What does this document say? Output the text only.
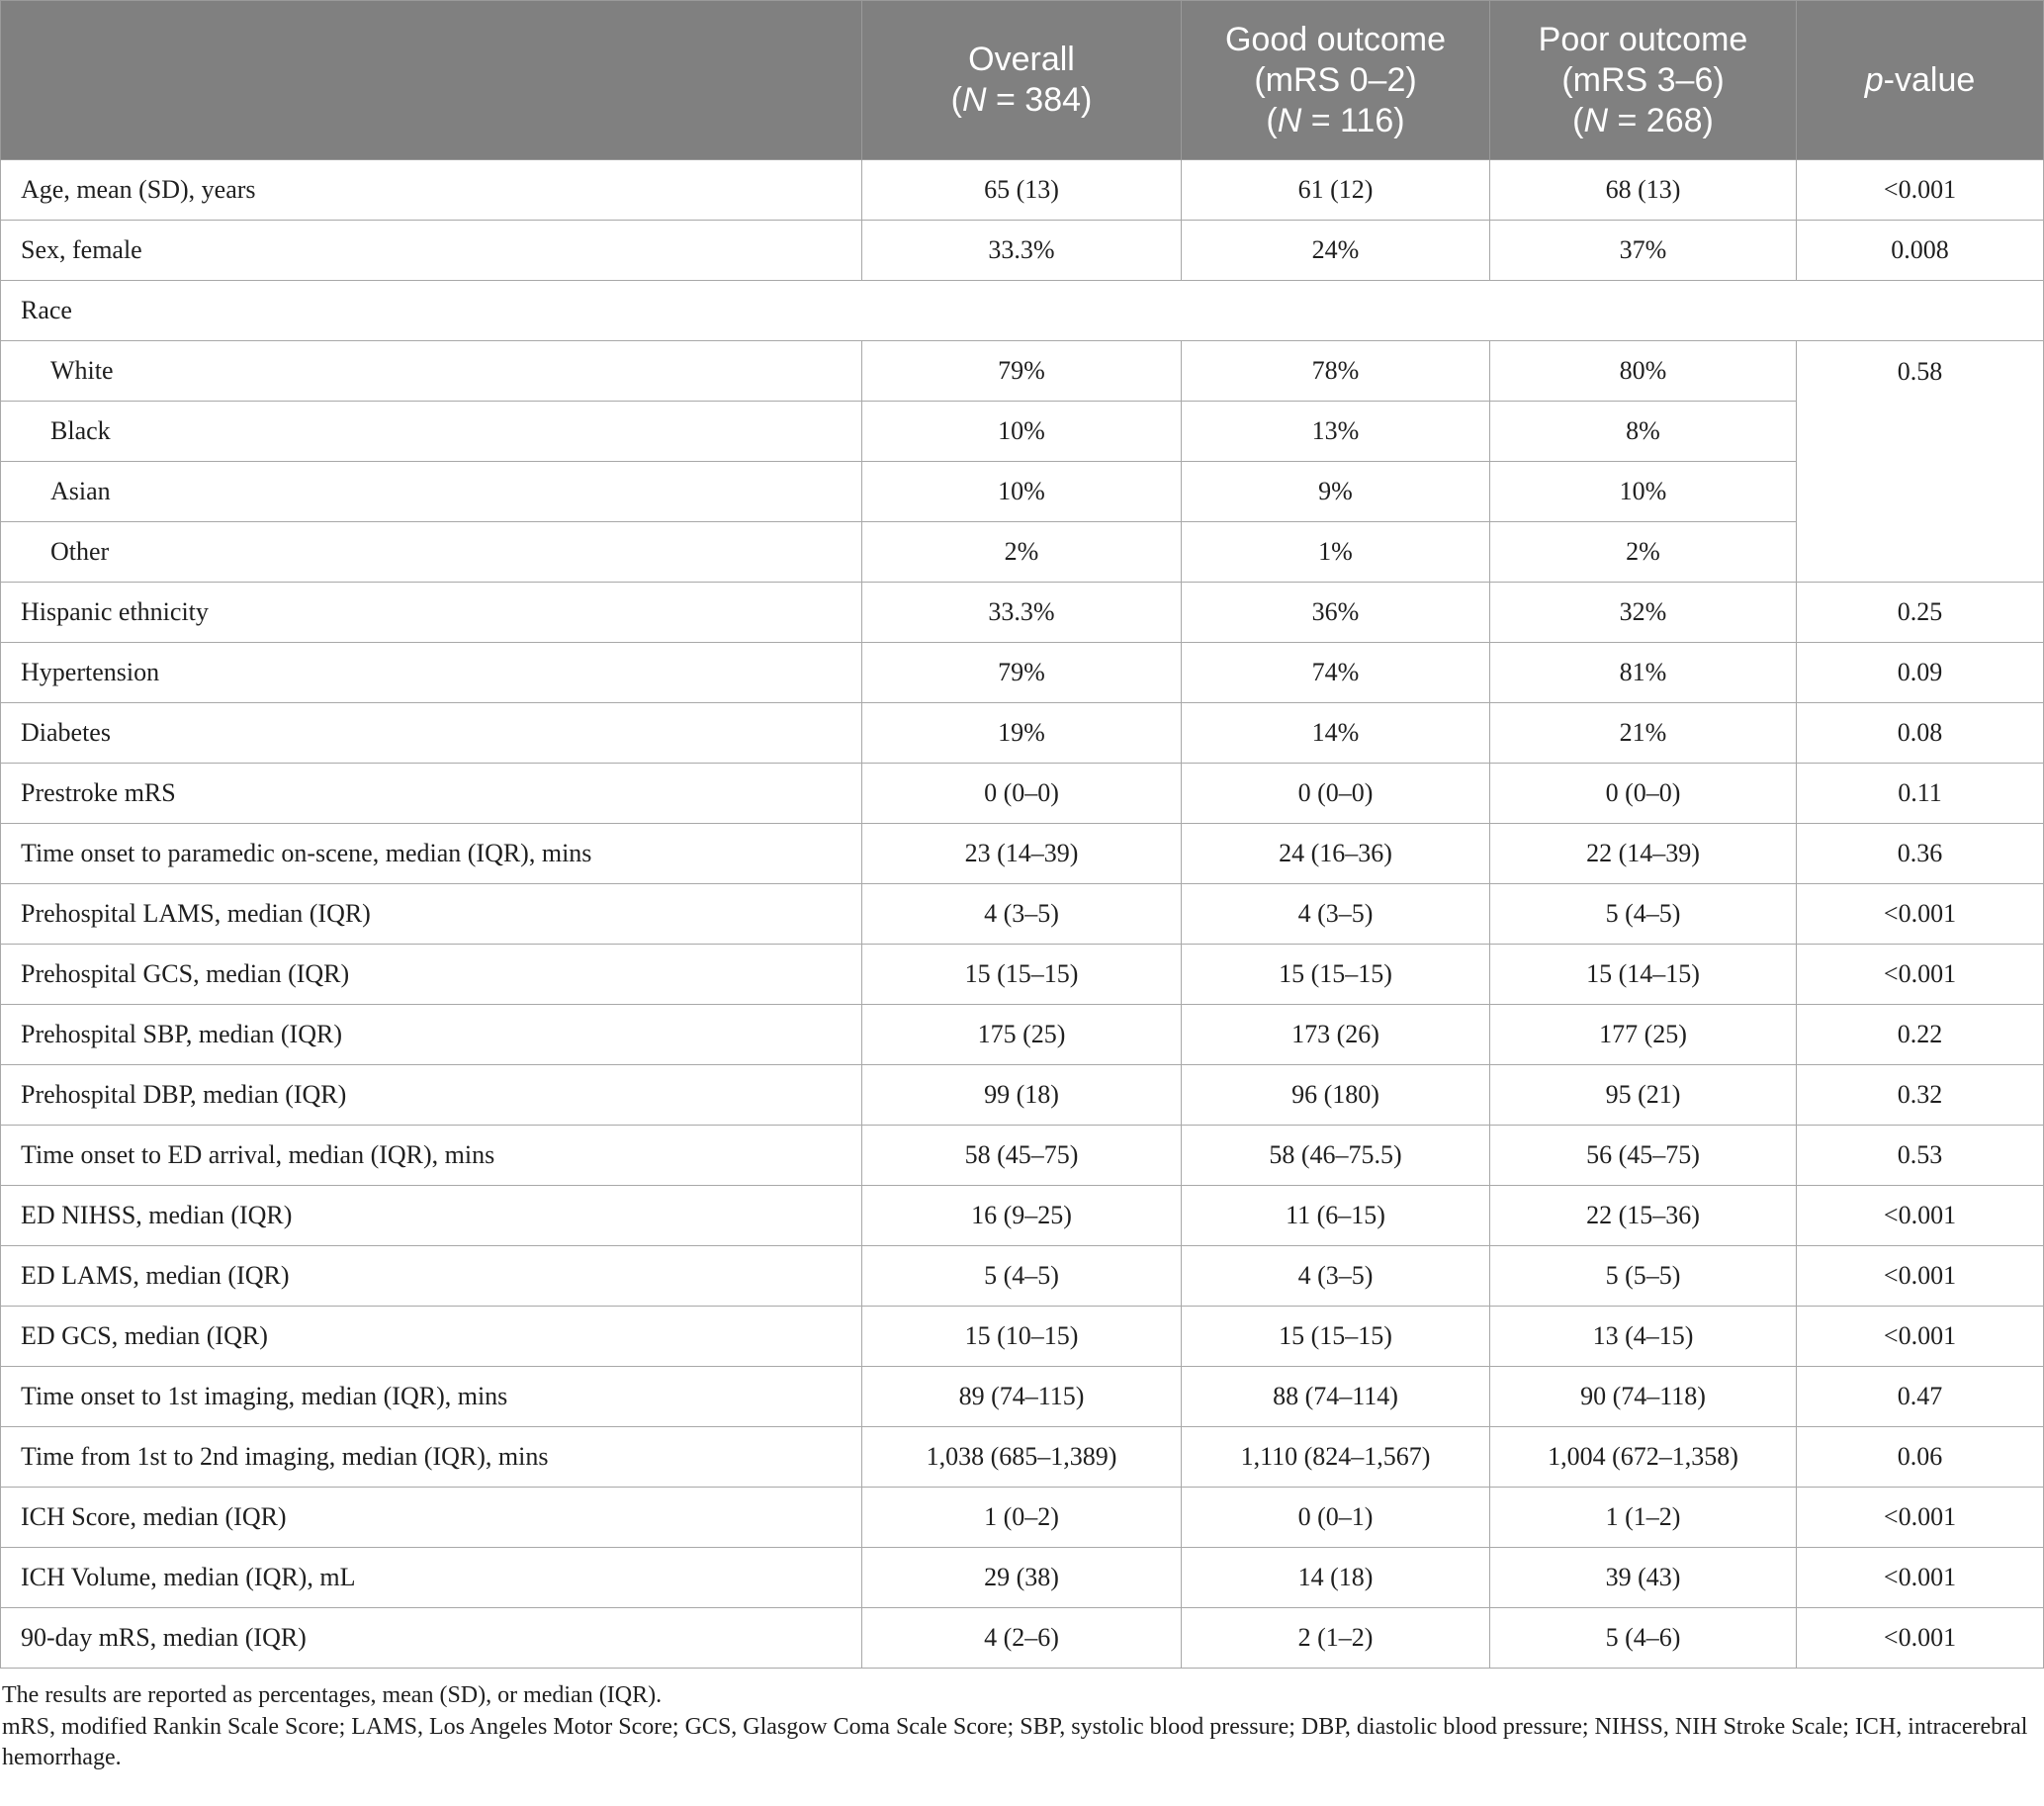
	Overall
(N = 384)	Good outcome
(mRS 0–2)
(N = 116)	Poor outcome
(mRS 3–6)
(N = 268)	p-value
Age, mean (SD), years	65 (13)	61 (12)	68 (13)	<0.001
Sex, female	33.3%	24%	37%	0.008
Race				
White	79%	78%	80%	0.58
Black	10%	13%	8%	
Asian	10%	9%	10%	
Other	2%	1%	2%	
Hispanic ethnicity	33.3%	36%	32%	0.25
Hypertension	79%	74%	81%	0.09
Diabetes	19%	14%	21%	0.08
Prestroke mRS	0 (0–0)	0 (0–0)	0 (0–0)	0.11
Time onset to paramedic on-scene, median (IQR), mins	23 (14–39)	24 (16–36)	22 (14–39)	0.36
Prehospital LAMS, median (IQR)	4 (3–5)	4 (3–5)	5 (4–5)	<0.001
Prehospital GCS, median (IQR)	15 (15–15)	15 (15–15)	15 (14–15)	<0.001
Prehospital SBP, median (IQR)	175 (25)	173 (26)	177 (25)	0.22
Prehospital DBP, median (IQR)	99 (18)	96 (180)	95 (21)	0.32
Time onset to ED arrival, median (IQR), mins	58 (45–75)	58 (46–75.5)	56 (45–75)	0.53
ED NIHSS, median (IQR)	16 (9–25)	11 (6–15)	22 (15–36)	<0.001
ED LAMS, median (IQR)	5 (4–5)	4 (3–5)	5 (5–5)	<0.001
ED GCS, median (IQR)	15 (10–15)	15 (15–15)	13 (4–15)	<0.001
Time onset to 1st imaging, median (IQR), mins	89 (74–115)	88 (74–114)	90 (74–118)	0.47
Time from 1st to 2nd imaging, median (IQR), mins	1,038 (685–1,389)	1,110 (824–1,567)	1,004 (672–1,358)	0.06
ICH Score, median (IQR)	1 (0–2)	0 (0–1)	1 (1–2)	<0.001
ICH Volume, median (IQR), mL	29 (38)	14 (18)	39 (43)	<0.001
90-day mRS, median (IQR)	4 (2–6)	2 (1–2)	5 (4–6)	<0.001

The results are reported as percentages, mean (SD), or median (IQR).

mRS, modified Rankin Scale Score; LAMS, Los Angeles Motor Score; GCS, Glasgow Coma Scale Score; SBP, systolic blood pressure; DBP, diastolic blood pressure; NIHSS, NIH Stroke Scale; ICH, intracerebral hemorrhage.
